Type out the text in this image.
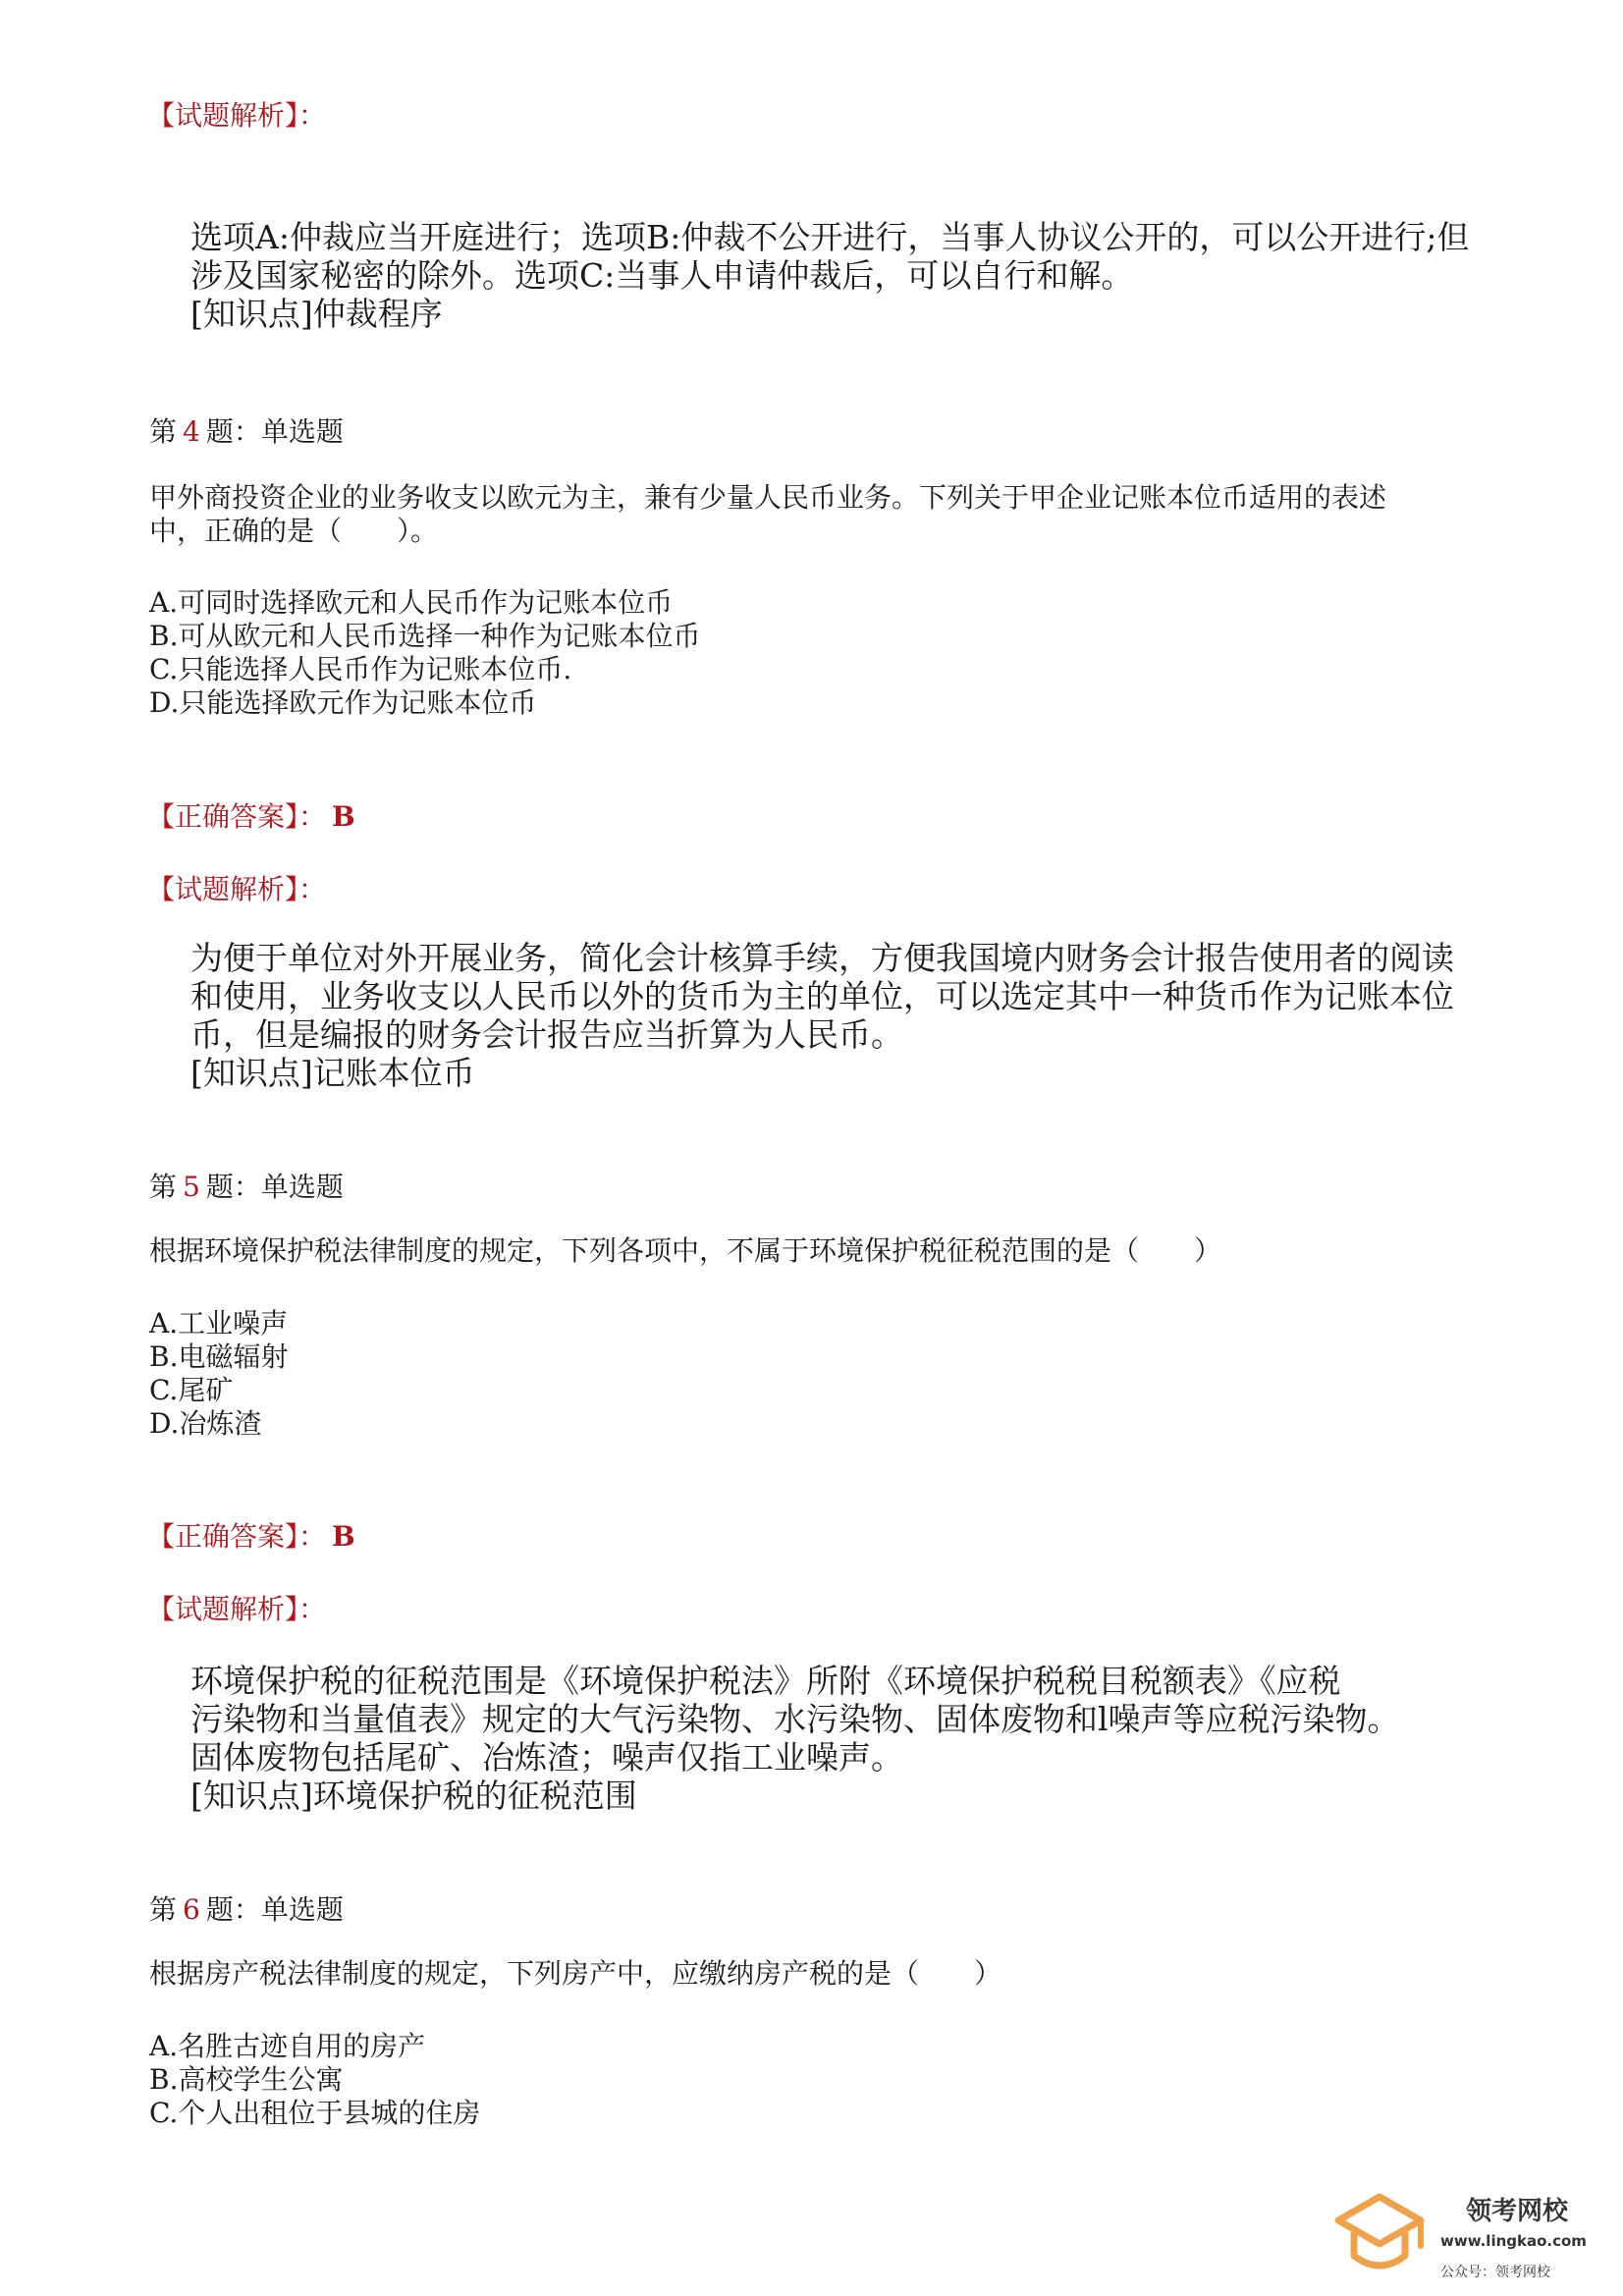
【试题解析】：

选项A:仲裁应当开庭进行；选项B:仲裁不公开进行，当事人协议公开的，可以公开进行;但

涉及国家秘密的除外。选项C:当事人申请仲裁后，可以自行和解。

[知识点]仲裁程序

第 4 题：单选题
甲外商投资企业的业务收支以欧元为主，兼有少量人民币业务。下列关于甲企业记账本位币适用的表述
中，正确的是（　　）。
A.可同时选择欧元和人民币作为记账本位币
B.可从欧元和人民币选择一种作为记账本位币
C.只能选择人民币作为记账本位币.
D.只能选择欧元作为记账本位币
【正确答案】： B
【试题解析】：

为便于单位对外开展业务，简化会计核算手续，方便我国境内财务会计报告使用者的阅读

和使用，业务收支以人民币以外的货币为主的单位，可以选定其中一种货币作为记账本位

币，但是编报的财务会计报告应当折算为人民币。

[知识点]记账本位币

第 5 题：单选题
根据环境保护税法律制度的规定，下列各项中，不属于环境保护税征税范围的是（　　）
A.工业噪声
B.电磁辐射
C.尾矿
D.冶炼渣
【正确答案】： B
【试题解析】：

环境保护税的征税范围是《环境保护税法》所附《环境保护税税目税额表》《应税

污染物和当量值表》规定的大气污染物、水污染物、固体废物和l噪声等应税污染物。

固体废物包括尾矿、冶炼渣；噪声仅指工业噪声。

[知识点]环境保护税的征税范围

第 6 题：单选题
根据房产税法律制度的规定，下列房产中，应缴纳房产税的是（　　）
A.名胜古迹自用的房产
B.高校学生公寓
C.个人出租位于县城的住房
领考网校
www.lingkao.com
公众号：领考网校
